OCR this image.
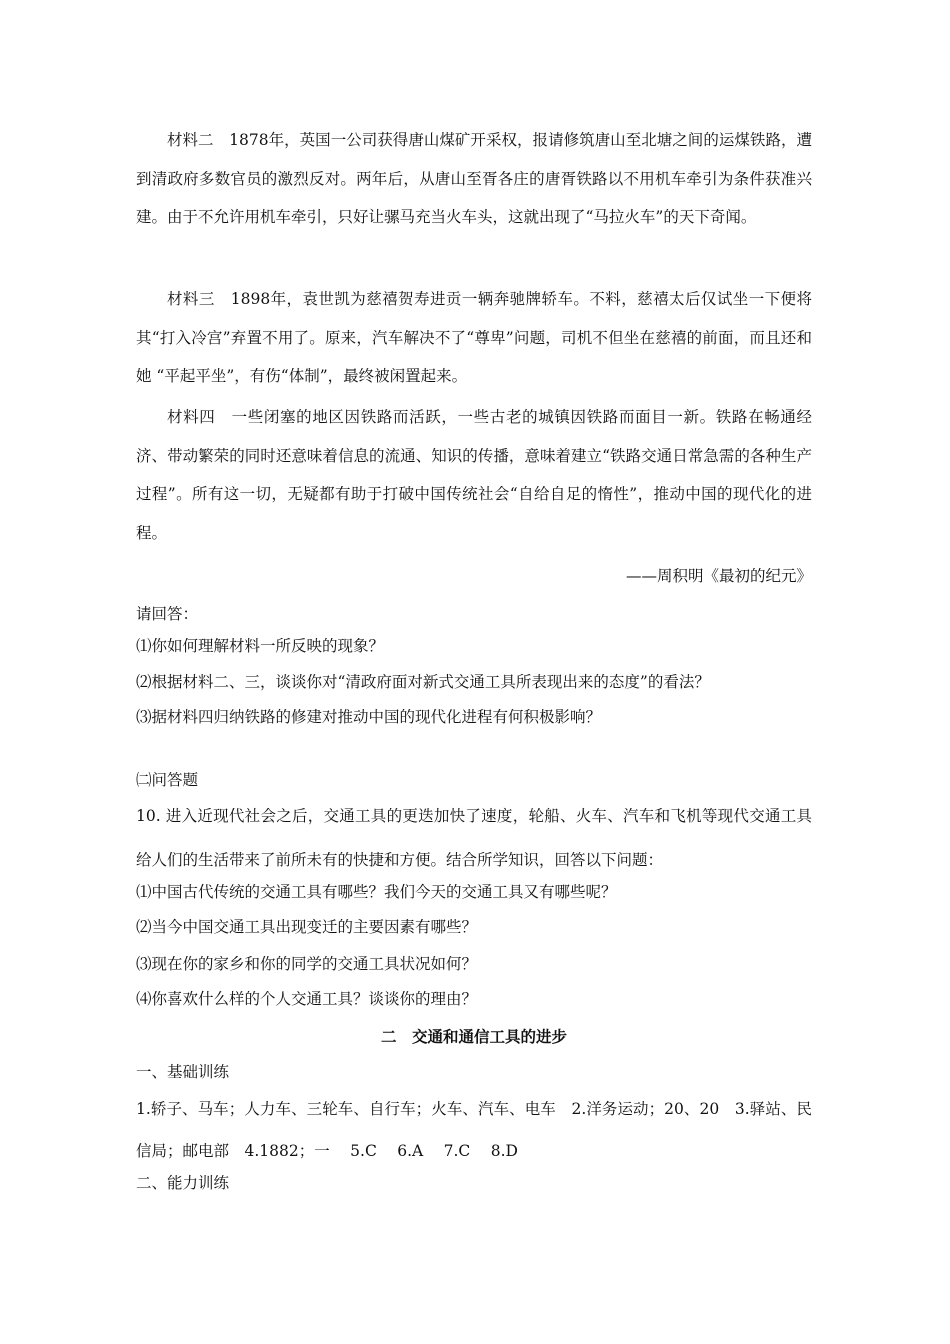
材料二　1878年，英国一公司获得唐山煤矿开采权，报请修筑唐山至北塘之间的运煤铁路，遭到清政府多数官员的激烈反对。两年后，从唐山至胥各庄的唐胥铁路以不用机车牵引为条件获准兴建。由于不允许用机车牵引，只好让骡马充当火车头，这就出现了“马拉火车”的天下奇闻。
材料三　1898年，袁世凯为慈禧贺寿进贡一辆奔驰牌轿车。不料，慈禧太后仅试坐一下便将其“打入冷宫”弃置不用了。原来，汽车解决不了“尊卑”问题，司机不但坐在慈禧的前面，而且还和她 “平起平坐”，有伤“体制”，最终被闲置起来。
材料四　一些闭塞的地区因铁路而活跃，一些古老的城镇因铁路而面目一新。铁路在畅通经济、带动繁荣的同时还意味着信息的流通、知识的传播，意味着建立“铁路交通日常急需的各种生产过程”。所有这一切，无疑都有助于打破中国传统社会“自给自足的惰性”，推动中国的现代化的进程。
——周积明《最初的纪元》
请回答：
⑴你如何理解材料一所反映的现象？
⑵根据材料二、三，谈谈你对“清政府面对新式交通工具所表现出来的态度”的看法？
⑶据材料四归纳铁路的修建对推动中国的现代化进程有何积极影响？
㈡问答题
10. 进入近现代社会之后，交通工具的更迭加快了速度，轮船、火车、汽车和飞机等现代交通工具给人们的生活带来了前所未有的快捷和方便。结合所学知识，回答以下问题：
⑴中国古代传统的交通工具有哪些？我们今天的交通工具又有哪些呢？
⑵当今中国交通工具出现变迁的主要因素有哪些？
⑶现在你的家乡和你的同学的交通工具状况如何？
⑷你喜欢什么样的个人交通工具？谈谈你的理由？
二　交通和通信工具的进步
一、基础训练
1.轿子、马车；人力车、三轮车、自行车；火车、汽车、电车　2.洋务运动；20、20　3.驿站、民信局；邮电部　4.1882；一　 5.C　 6.A　 7.C　 8.D
二、能力训练
